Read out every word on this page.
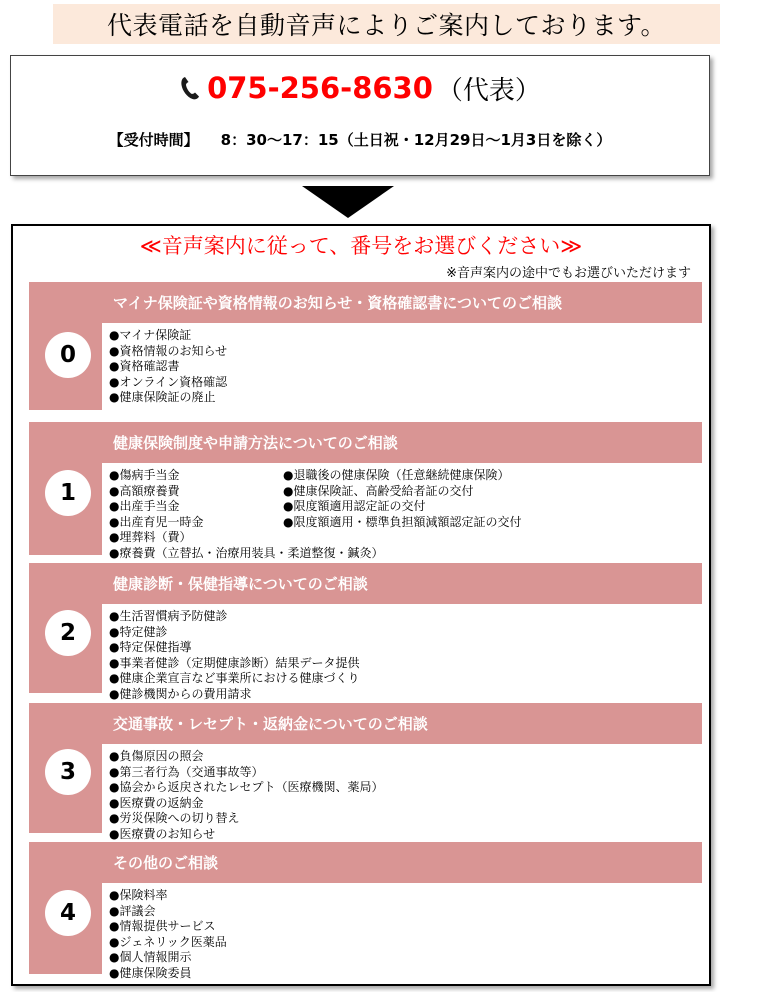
代表電話を自動音声によりご案内しております。
075-256-8630 （代表）
【受付時間】 8：30～17：15（土日祝・12月29日～1月3日を除く）
≪音声案内に従って、番号をお選びください≫
※音声案内の途中でもお選びいただけます
0
マイナ保険証や資格情報のお知らせ・資格確認書についてのご相談
●マイナ保険証
●資格情報のお知らせ
●資格確認書
●オンライン資格確認
●健康保険証の廃止
1
健康保険制度や申請方法についてのご相談
●傷病手当金
●高額療養費
●出産手当金
●出産育児一時金
●埋葬料（費）
●療養費（立替払・治療用装具・柔道整復・鍼灸）
●退職後の健康保険（任意継続健康保険）
●健康保険証、高齢受給者証の交付
●限度額適用認定証の交付
●限度額適用・標準負担額減額認定証の交付
2
健康診断・保健指導についてのご相談
●生活習慣病予防健診
●特定健診
●特定保健指導
●事業者健診（定期健康診断）結果データ提供
●健康企業宣言など事業所における健康づくり
●健診機関からの費用請求
3
交通事故・レセプト・返納金についてのご相談
●負傷原因の照会
●第三者行為（交通事故等）
●協会から返戻されたレセプト（医療機関、薬局）
●医療費の返納金
●労災保険への切り替え
●医療費のお知らせ
4
その他のご相談
●保険料率
●評議会
●情報提供サービス
●ジェネリック医薬品
●個人情報開示
●健康保険委員
